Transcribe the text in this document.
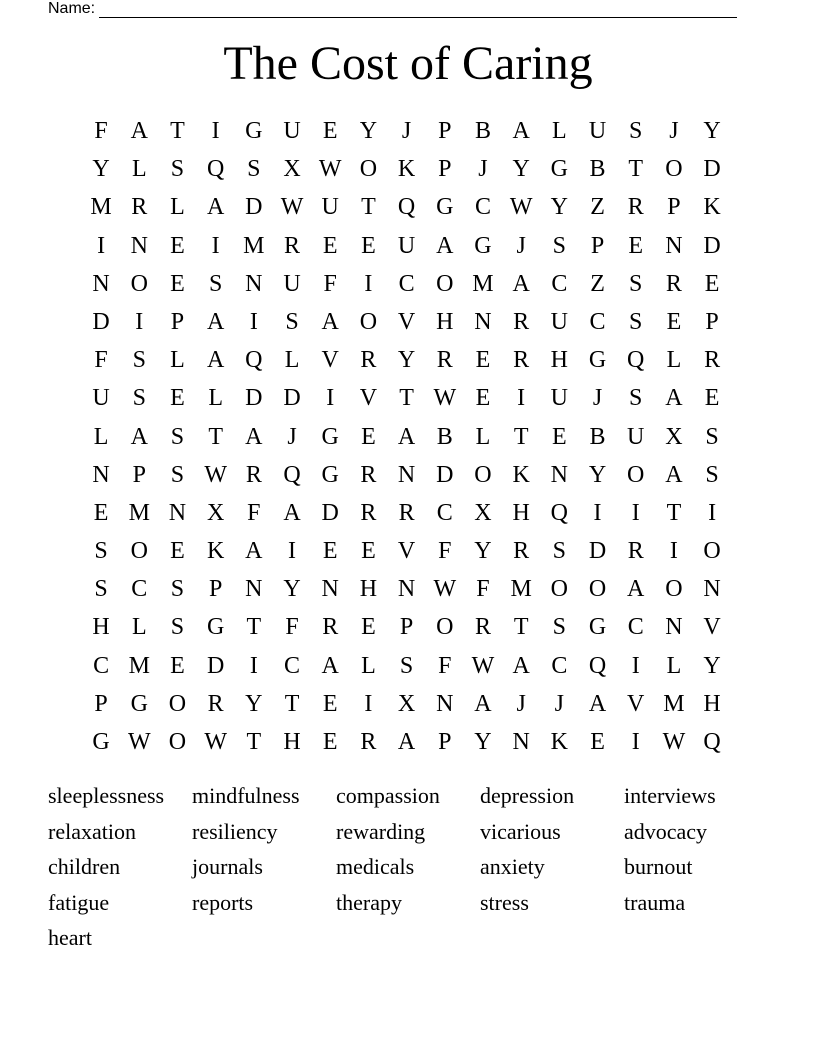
Name:
The Cost of Caring
F A T	I	G U E Y	J	P B A L U S	J	Y
Y L	S Q S X W O K P	J	Y G B T O D
M R L A D W U T Q G C W Y Z R P K
I	N E	I M R E E U A G	J	S	P	E N D
N O E	S N U F	I	C O M A C Z	S R E
D	I	P A	I	S A O V H N R U C S	E	P
F	S	L A Q L V R Y R E R H G Q L R
U S	E L D D	I	V T W E	I	U	J	S A E
L A S	T A	J	G E A B L T E B U X S
N P	S W R Q G R N D O K N Y O A S
E M N X F A D R R C X H Q	I	I	T	I
S O E K A	I	E E V F Y R S D R	I	O
S C S	P N Y N H N W F M O O A O N
H L	S G T	F R E	P O R T	S G C N V
C M E D	I	C A L	S	F W A C Q	I	L Y
P G O R Y T E	I	X N A	J	J	A V M H
G W O W T H E R A P Y N K E	I W Q
sleeplessness	mindfulness	compassion	depression	interviews
relaxation	resiliency	rewarding	vicarious	advocacy
children	journals	medicals	anxiety	burnout
fatigue	reports	therapy	stress	trauma
heart
